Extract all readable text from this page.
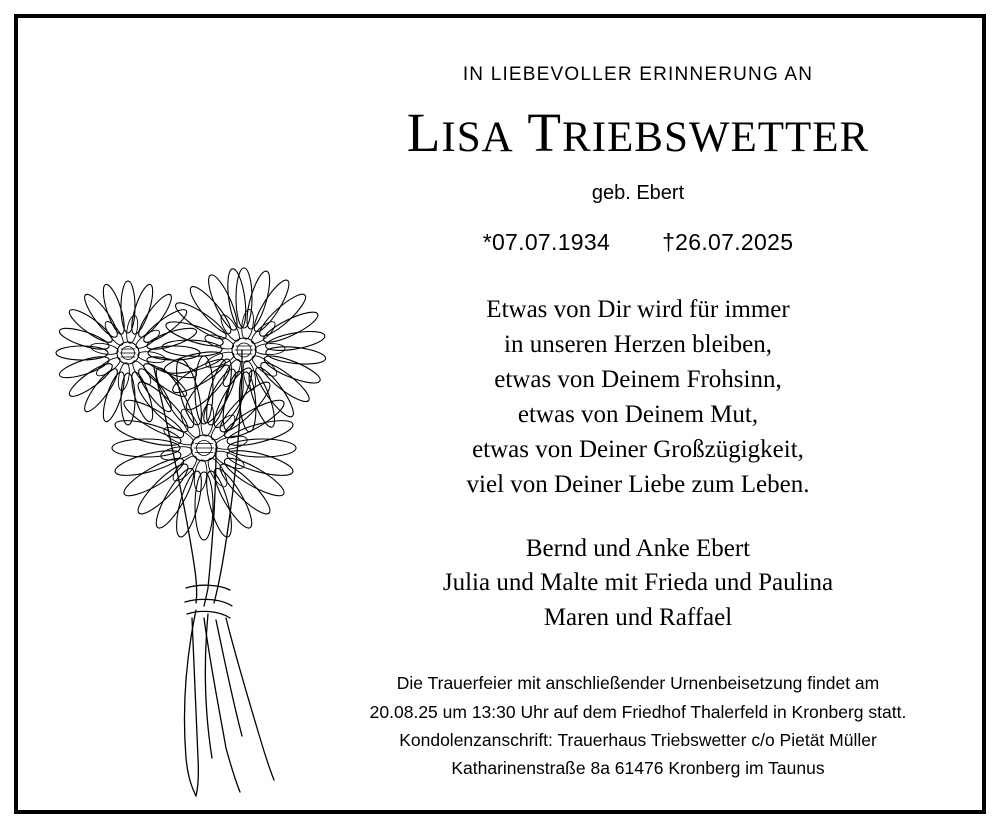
IN LIEBEVOLLER ERINNERUNG AN
LISA TRIEBSWETTER
geb. Ebert
*07.07.1934 †26.07.2025
Etwas von Dir wird für immer
in unseren Herzen bleiben,
etwas von Deinem Frohsinn,
etwas von Deinem Mut,
etwas von Deiner Großzügigkeit,
viel von Deiner Liebe zum Leben.
Bernd und Anke Ebert
Julia und Malte mit Frieda und Paulina
Maren und Raffael
Die Trauerfeier mit anschließender Urnenbeisetzung findet am
20.08.25 um 13:30 Uhr auf dem Friedhof Thalerfeld in Kronberg statt.
Kondolenzanschrift: Trauerhaus Triebswetter c/o Pietät Müller
Katharinenstraße 8a 61476 Kronberg im Taunus
